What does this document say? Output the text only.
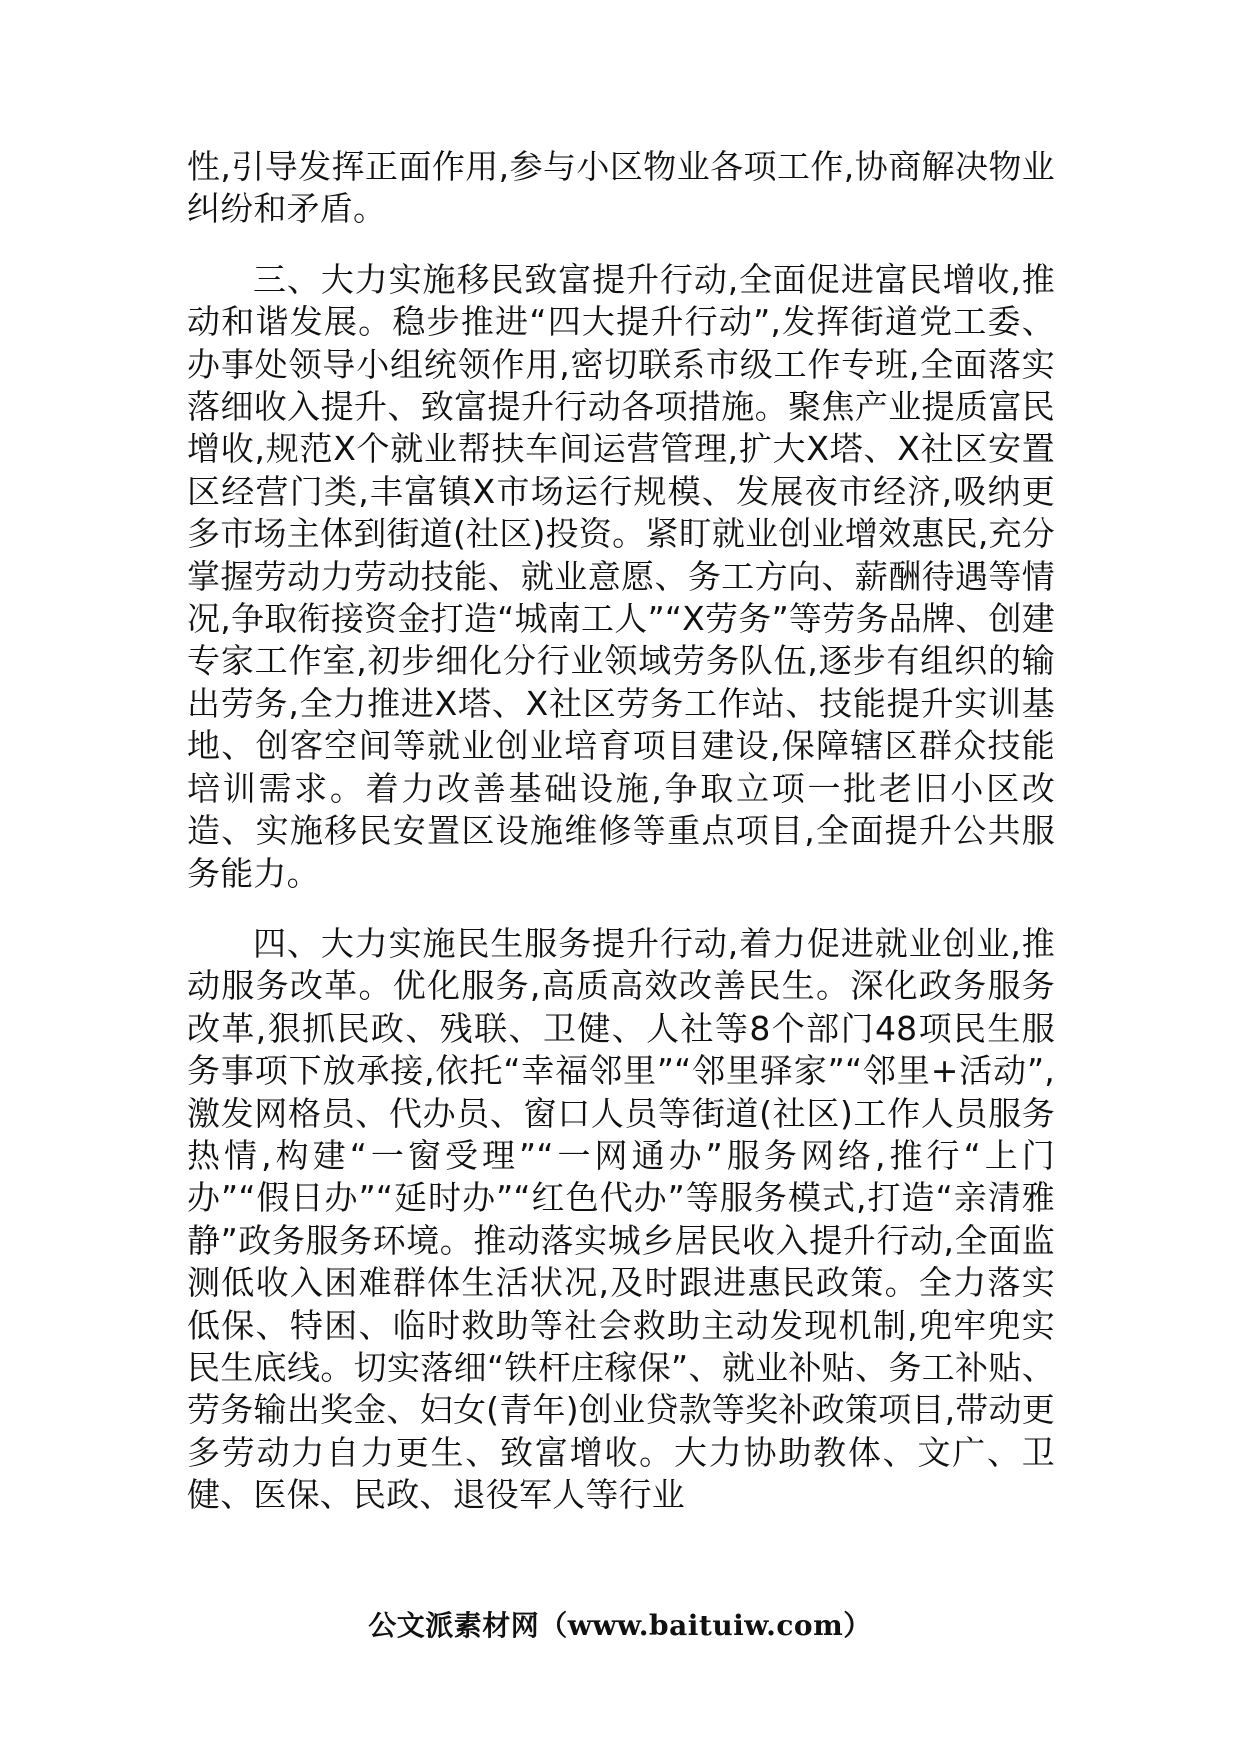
性,引导发挥正面作用,参与小区物业各项工作,协商解决物业纠纷和矛盾。

三、大力实施移民致富提升行动,全面促进富民增收,推动和谐发展。稳步推进“四大提升行动”,发挥街道党工委、办事处领导小组统领作用,密切联系市级工作专班,全面落实落细收入提升、致富提升行动各项措施。聚焦产业提质富民增收,规范X个就业帮扶车间运营管理,扩大X塔、X社区安置区经营门类,丰富镇X市场运行规模、发展夜市经济,吸纳更多市场主体到街道(社区)投资。紧盯就业创业增效惠民,充分掌握劳动力劳动技能、就业意愿、务工方向、薪酬待遇等情况,争取衔接资金打造“城南工人”“X劳务”等劳务品牌、创建专家工作室,初步细化分行业领域劳务队伍,逐步有组织的输出劳务,全力推进X塔、X社区劳务工作站、技能提升实训基地、创客空间等就业创业培育项目建设,保障辖区群众技能培训需求。着力改善基础设施,争取立项一批老旧小区改造、实施移民安置区设施维修等重点项目,全面提升公共服务能力。

四、大力实施民生服务提升行动,着力促进就业创业,推动服务改革。优化服务,高质高效改善民生。深化政务服务改革,狠抓民政、残联、卫健、人社等8个部门48项民生服务事项下放承接,依托“幸福邻里”“邻里驿家”“邻里+活动”,激发网格员、代办员、窗口人员等街道(社区)工作人员服务热情,构建“一窗受理”“一网通办”服务网络,推行“上门办”“假日办”“延时办”“红色代办”等服务模式,打造“亲清雅静”政务服务环境。推动落实城乡居民收入提升行动,全面监测低收入困难群体生活状况,及时跟进惠民政策。全力落实低保、特困、临时救助等社会救助主动发现机制,兜牢兜实民生底线。切实落细“铁杆庄稼保”、就业补贴、务工补贴、劳务输出奖金、妇女(青年)创业贷款等奖补政策项目,带动更多劳动力自力更生、致富增收。大力协助教体、文广、卫健、医保、民政、退役军人等行业

公文派素材网（www.baituiw.com）
